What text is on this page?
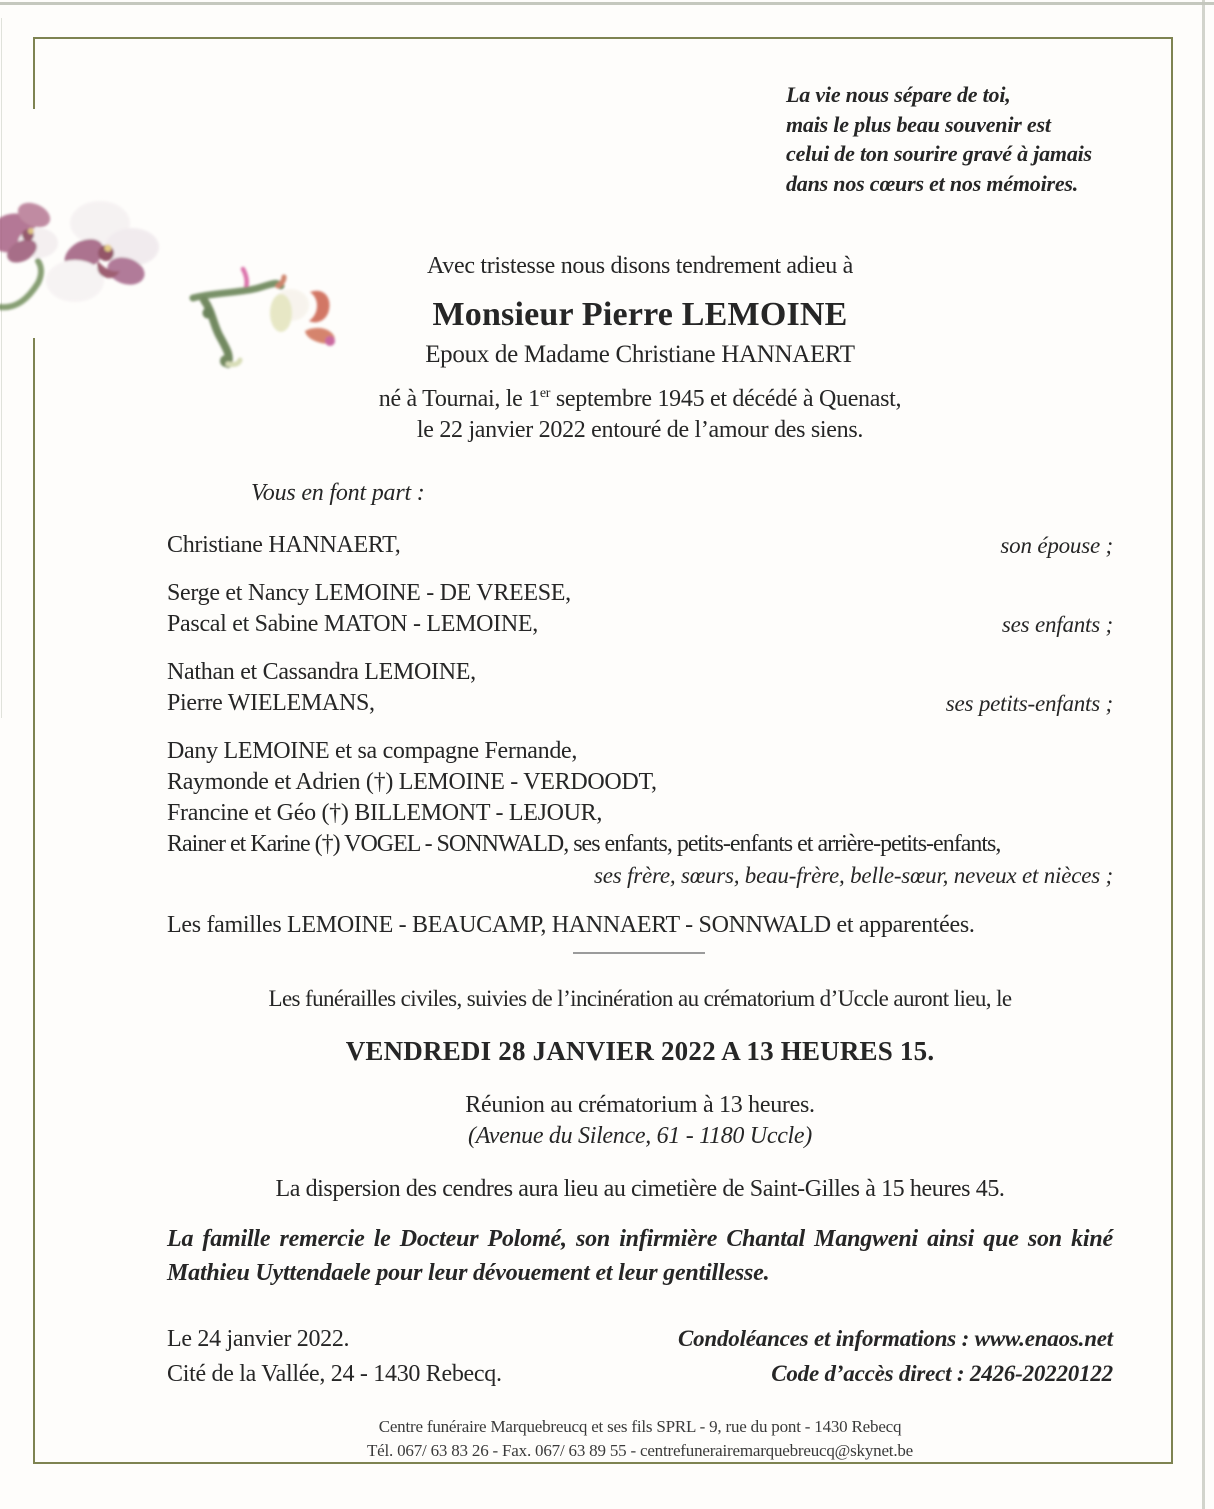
La vie nous sépare de toi,
mais le plus beau souvenir est
celui de ton sourire gravé à jamais
dans nos cœurs et nos mémoires.
Avec tristesse nous disons tendrement adieu à
Monsieur Pierre LEMOINE
Epoux de Madame Christiane HANNAERT
né à Tournai, le 1er septembre 1945 et décédé à Quenast,
le 22 janvier 2022 entouré de l’amour des siens.
Vous en font part :
Christiane HANNAERT,	son épouse ;
Serge et Nancy LEMOINE - DE VREESE,
Pascal et Sabine MATON - LEMOINE,	ses enfants ;
Nathan et Cassandra LEMOINE,
Pierre WIELEMANS,	ses petits-enfants ;
Dany LEMOINE et sa compagne Fernande,
Raymonde et Adrien (†) LEMOINE - VERDOODT,
Francine et Géo (†) BILLEMONT - LEJOUR,
Rainer et Karine (†) VOGEL - SONNWALD, ses enfants, petits-enfants et arrière-petits-enfants,
ses frère, sœurs, beau-frère, belle-sœur, neveux et nièces ;
Les familles LEMOINE - BEAUCAMP, HANNAERT - SONNWALD et apparentées.
Les funérailles civiles, suivies de l’incinération au crématorium d’Uccle auront lieu, le
VENDREDI 28 JANVIER 2022 A 13 HEURES 15.
Réunion au crématorium à 13 heures.
(Avenue du Silence, 61 - 1180 Uccle)
La dispersion des cendres aura lieu au cimetière de Saint-Gilles à 15 heures 45.
La famille remercie le Docteur Polomé, son infirmière Chantal Mangweni ainsi que son kiné Mathieu Uyttendaele pour leur dévouement et leur gentillesse.
Le 24 janvier 2022.	Condoléances et informations : www.enaos.net
Cité de la Vallée, 24 - 1430 Rebecq.	Code d’accès direct : 2426-20220122
Centre funéraire Marquebreucq et ses fils SPRL - 9, rue du pont - 1430 Rebecq
Tél. 067/ 63 83 26 - Fax. 067/ 63 89 55 - centrefunerairemarquebreucq@skynet.be
